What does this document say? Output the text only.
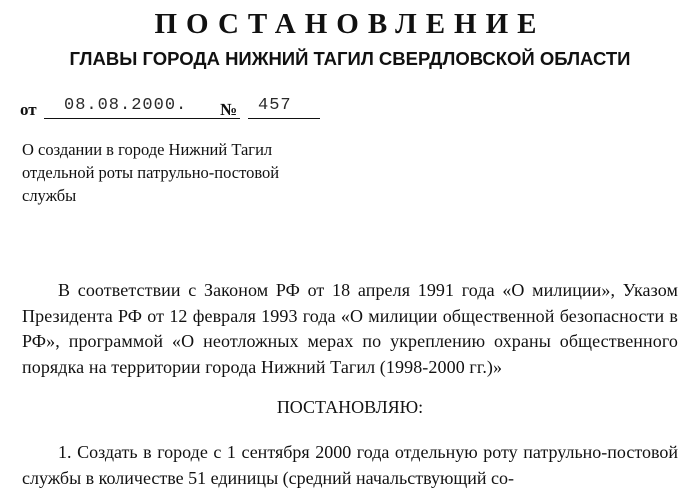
ПОСТАНОВЛЕНИЕ
ГЛАВЫ ГОРОДА НИЖНИЙ ТАГИЛ СВЕРДЛОВСКОЙ ОБЛАСТИ
от 08.08.2000. № 457
О создании в городе Нижний Тагил
отдельной роты патрульно-постовой
службы
В соответствии с Законом РФ от 18 апреля 1991 года «О милиции», Указом Президента РФ от 12 февраля 1993 года «О милиции общественной безопасности в РФ», программой «О неотложных мерах по укреплению охраны общественного порядка на территории города Нижний Тагил (1998-2000 гг.)»
ПОСТАНОВЛЯЮ:
1. Создать в городе с 1 сентября 2000 года отдельную роту патрульно-постовой службы в количестве 51 единицы (средний начальствующий со-
